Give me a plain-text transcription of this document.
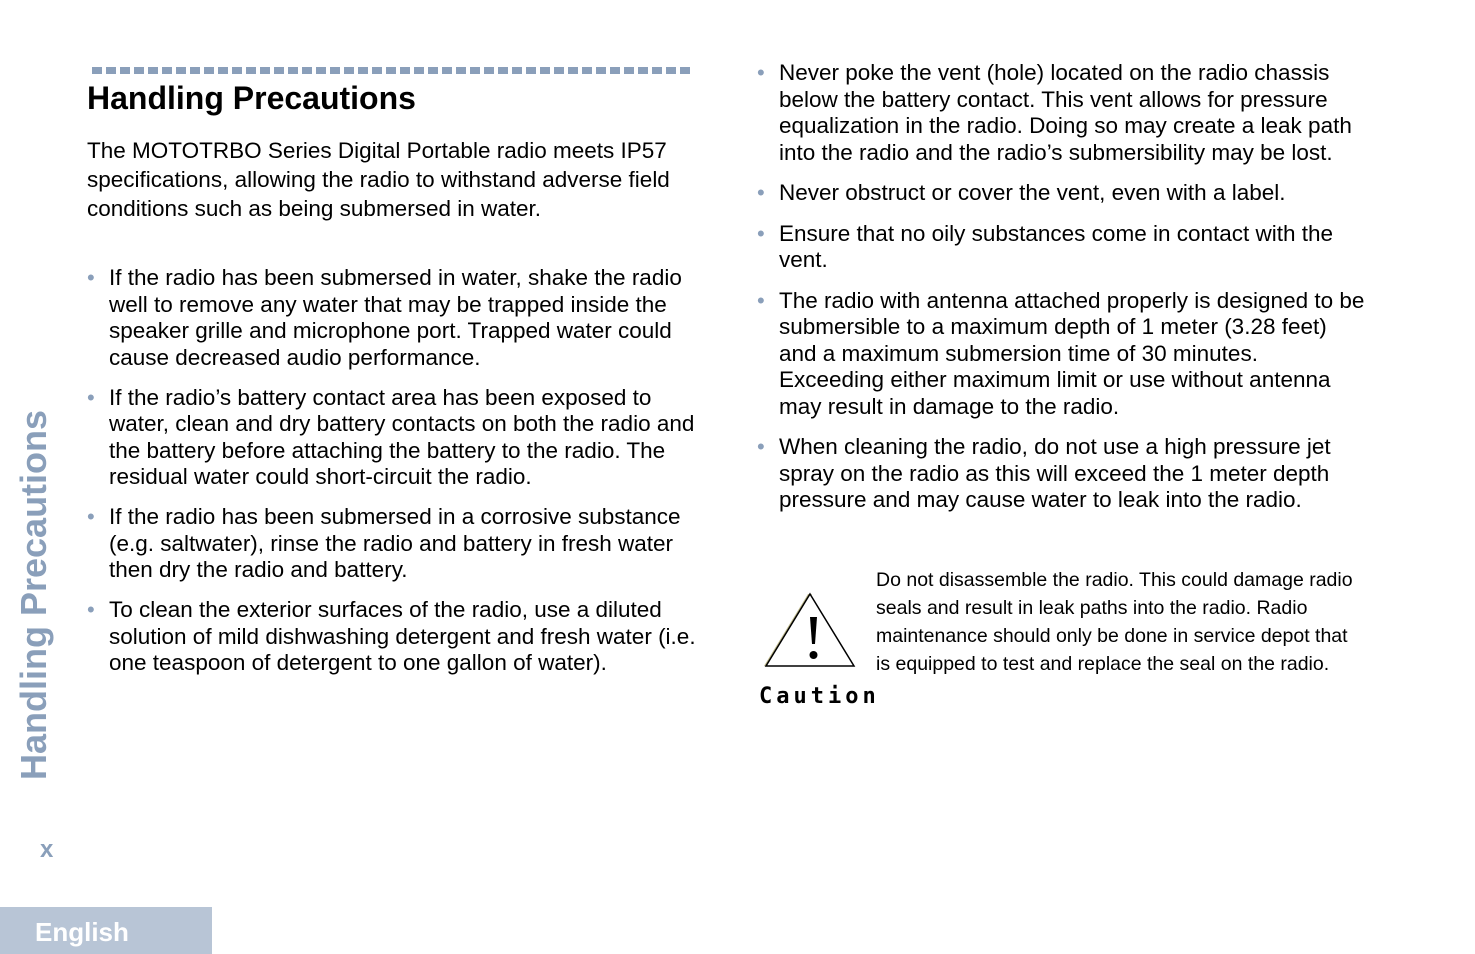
Handling Precautions

The MOTOTRBO Series Digital Portable radio meets IP57 specifications, allowing the radio to withstand adverse field conditions such as being submersed in water.

• If the radio has been submersed in water, shake the radio well to remove any water that may be trapped inside the speaker grille and microphone port. Trapped water could cause decreased audio performance.
• If the radio’s battery contact area has been exposed to water, clean and dry battery contacts on both the radio and the battery before attaching the battery to the radio. The residual water could short-circuit the radio.
• If the radio has been submersed in a corrosive substance (e.g. saltwater), rinse the radio and battery in fresh water then dry the radio and battery.
• To clean the exterior surfaces of the radio, use a diluted solution of mild dishwashing detergent and fresh water (i.e. one teaspoon of detergent to one gallon of water).
• Never poke the vent (hole) located on the radio chassis below the battery contact. This vent allows for pressure equalization in the radio. Doing so may create a leak path into the radio and the radio’s submersibility may be lost.
• Never obstruct or cover the vent, even with a label.
• Ensure that no oily substances come in contact with the vent.
• The radio with antenna attached properly is designed to be submersible to a maximum depth of 1 meter (3.28 feet) and a maximum submersion time of 30 minutes. Exceeding either maximum limit or use without antenna may result in damage to the radio.
• When cleaning the radio, do not use a high pressure jet spray on the radio as this will exceed the 1 meter depth pressure and may cause water to leak into the radio.
Caution

Do not disassemble the radio. This could damage radio seals and result in leak paths into the radio. Radio maintenance should only be done in service depot that is equipped to test and replace the seal on the radio.

Handling Precautions
x
English
